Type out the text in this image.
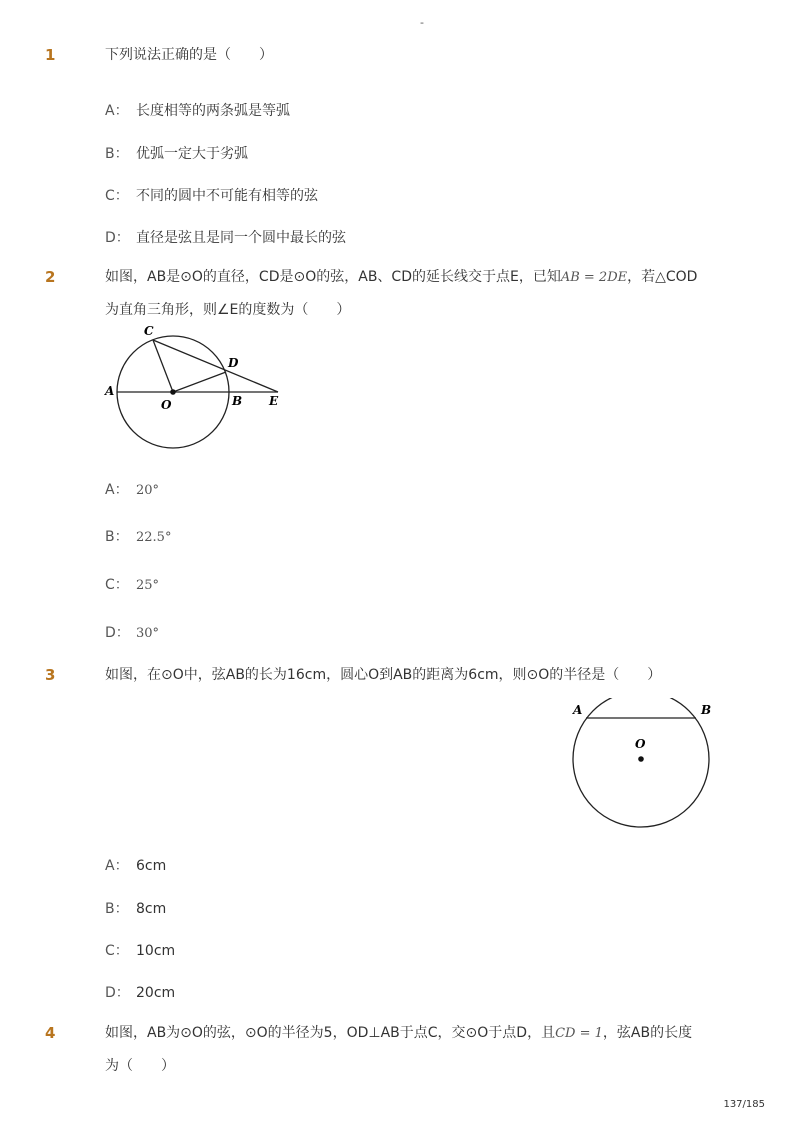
-
1	下列说法正确的是（　　）
A： 长度相等的两条弧是等弧
B： 优弧一定大于劣弧
C： 不同的圆中不可能有相等的弦
D： 直径是弦且是同一个圆中最长的弦
2	如图，AB是⊙O的直径，CD是⊙O的弦，AB、CD的延长线交于点E，已知AB = 2DE，若△COD
为直角三角形，则∠E的度数为（　　）
A
C
D
O	B E
A： 20°
B： 22.5°
C： 25°
D： 30°
3	如图，在⊙O中，弦AB的长为16cm，圆心O到AB的距离为6cm，则⊙O的半径是（　　）
A	B
O
A： 6cm
B： 8cm
C： 10cm
D： 20cm
4	如图，AB为⊙O的弦，⊙O的半径为5，OD⊥AB于点C，交⊙O于点D，且CD = 1，弦AB的长度
为（　　）
137/185
